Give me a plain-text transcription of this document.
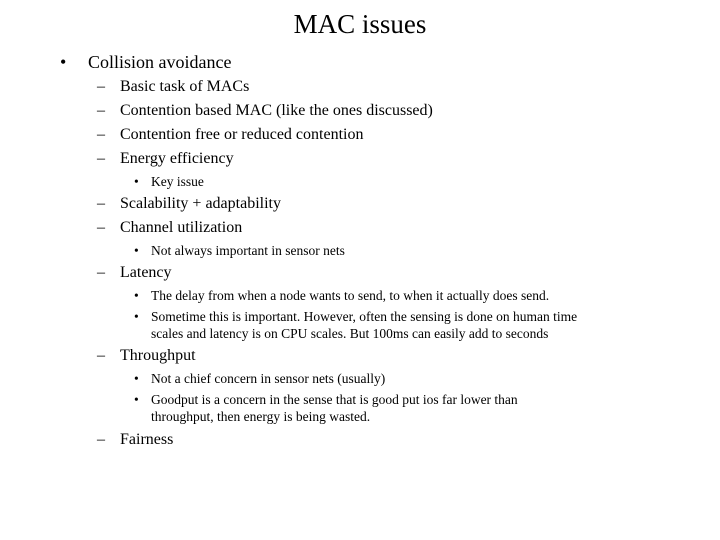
MAC issues
• Collision avoidance
– Basic task of MACs
– Contention based MAC (like the ones discussed)
– Contention free or reduced contention
– Energy efficiency
• Key issue
– Scalability + adaptability
– Channel utilization
• Not always important in sensor nets
– Latency
• The delay from when a node wants to send, to when it actually does send.
• Sometime this is important. However, often the sensing is done on human time
scales and latency is on CPU scales. But 100ms can easily add to seconds
– Throughput
• Not a chief concern in sensor nets (usually)
• Goodput is a concern in the sense that is good put ios far lower than
throughput, then energy is being wasted.
– Fairness
